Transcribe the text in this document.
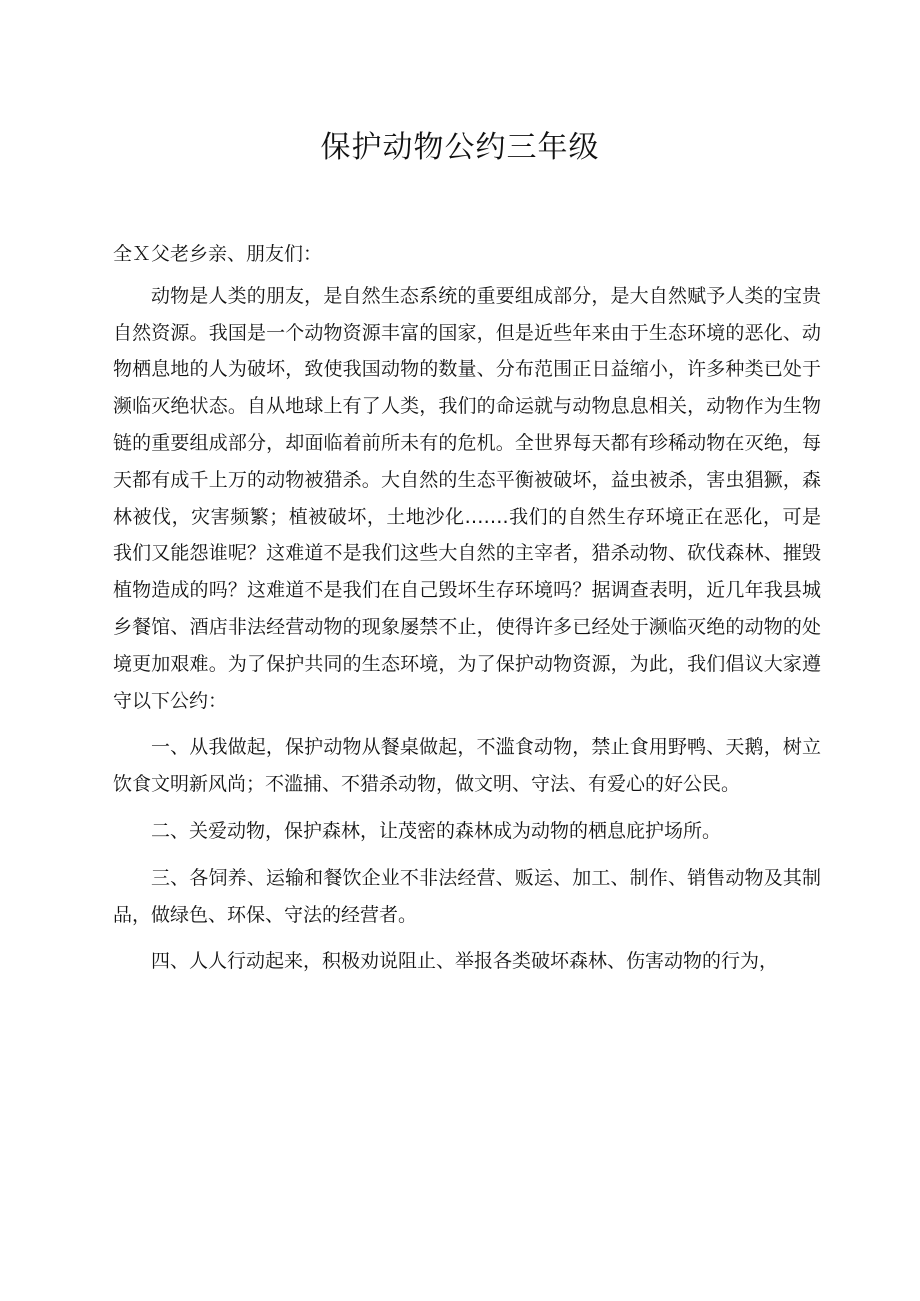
保护动物公约三年级

全Ｘ父老乡亲、朋友们：

动物是人类的朋友，是自然生态系统的重要组成部分，是大自然赋予人类的宝贵自然资源。我国是一个动物资源丰富的国家，但是近些年来由于生态环境的恶化、动物栖息地的人为破坏，致使我国动物的数量、分布范围正日益缩小，许多种类已处于濒临灭绝状态。自从地球上有了人类，我们的命运就与动物息息相关，动物作为生物链的重要组成部分，却面临着前所未有的危机。全世界每天都有珍稀动物在灭绝，每天都有成千上万的动物被猎杀。大自然的生态平衡被破坏，益虫被杀，害虫猖獗，森林被伐，灾害频繁；植被破坏，土地沙化…….我们的自然生存环境正在恶化，可是我们又能怨谁呢？这难道不是我们这些大自然的主宰者，猎杀动物、砍伐森林、摧毁植物造成的吗？这难道不是我们在自己毁坏生存环境吗？据调查表明，近几年我县城乡餐馆、酒店非法经营动物的现象屡禁不止，使得许多已经处于濒临灭绝的动物的处境更加艰难。为了保护共同的生态环境，为了保护动物资源，为此，我们倡议大家遵守以下公约：

一、从我做起，保护动物从餐桌做起，不滥食动物，禁止食用野鸭、天鹅，树立饮食文明新风尚；不滥捕、不猎杀动物，做文明、守法、有爱心的好公民。

二、关爱动物，保护森林，让茂密的森林成为动物的栖息庇护场所。

三、各饲养、运输和餐饮企业不非法经营、贩运、加工、制作、销售动物及其制品，做绿色、环保、守法的经营者。

四、人人行动起来，积极劝说阻止、举报各类破坏森林、伤害动物的行为，
